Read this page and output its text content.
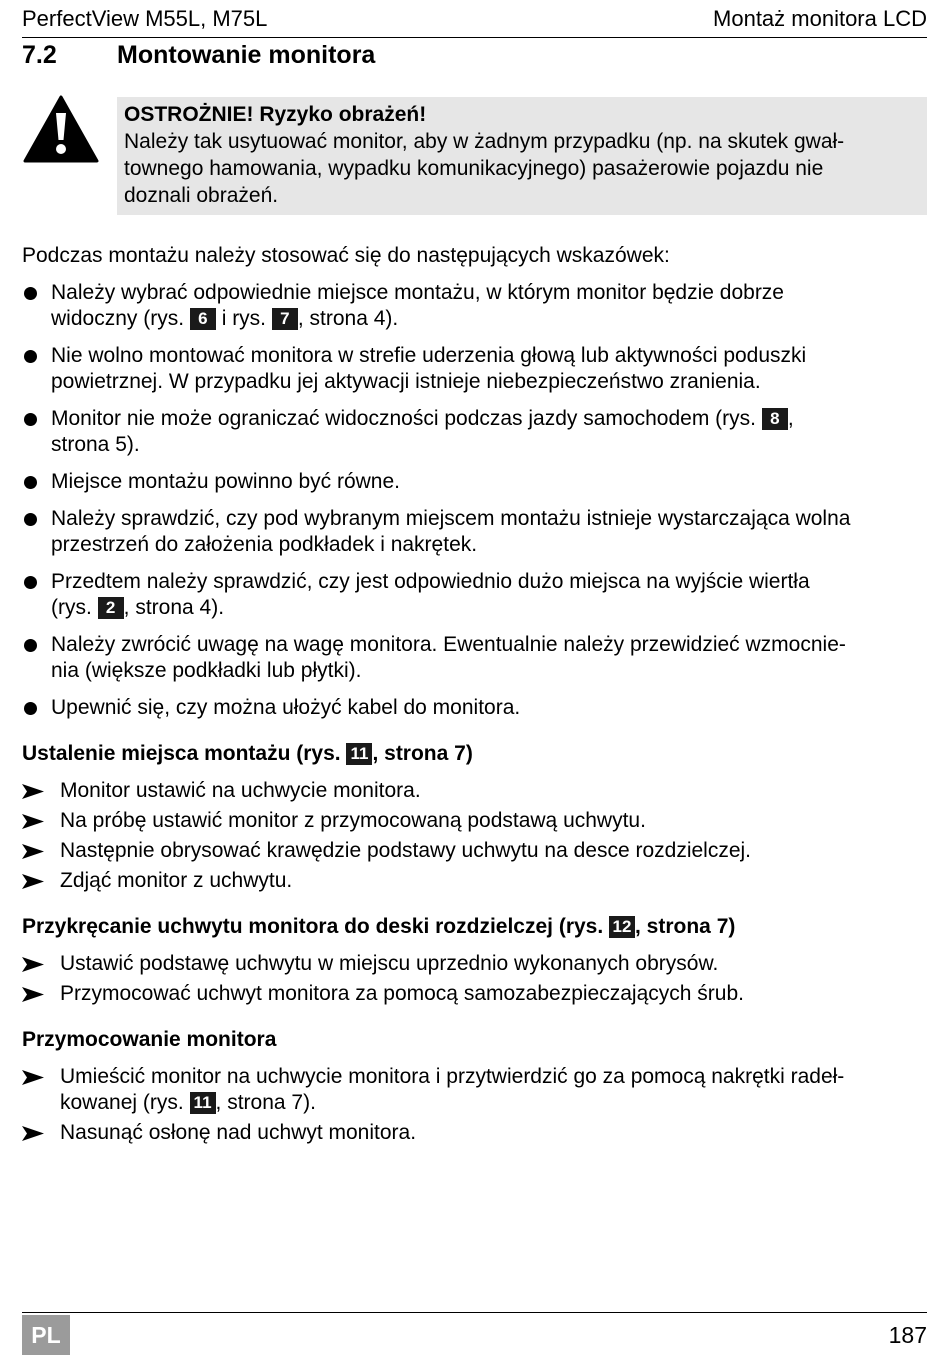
PerfectView M55L, M75L	Montaż monitora LCD
7.2 Montowanie monitora
OSTROŻNIE! Ryzyko obrażeń!
Należy tak usytuować monitor, aby w żadnym przypadku (np. na skutek gwał-
townego hamowania, wypadku komunikacyjnego) pasażerowie pojazdu nie
doznali obrażeń.
Podczas montażu należy stosować się do następujących wskazówek:
Należy wybrać odpowiednie miejsce montażu, w którym monitor będzie dobrze
widoczny (rys. 6 i rys. 7 , strona 4).
Nie wolno montować monitora w strefie uderzenia głową lub aktywności poduszki
powietrznej. W przypadku jej aktywacji istnieje niebezpieczeństwo zranienia.
Monitor nie może ograniczać widoczności podczas jazdy samochodem (rys. 8 ,
strona 5).
Miejsce montażu powinno być równe.
Należy sprawdzić, czy pod wybranym miejscem montażu istnieje wystarczająca wolna
przestrzeń do założenia podkładek i nakrętek.
Przedtem należy sprawdzić, czy jest odpowiednio dużo miejsca na wyjście wiertła
(rys. 2 , strona 4).
Należy zwrócić uwagę na wagę monitora. Ewentualnie należy przewidzieć wzmocnie-
nia (większe podkładki lub płytki).
Upewnić się, czy można ułożyć kabel do monitora.
Ustalenie miejsca montażu (rys. 11 , strona 7)
Monitor ustawić na uchwycie monitora.
Na próbę ustawić monitor z przymocowaną podstawą uchwytu.
Następnie obrysować krawędzie podstawy uchwytu na desce rozdzielczej.
Zdjąć monitor z uchwytu.
Przykręcanie uchwytu monitora do deski rozdzielczej (rys. 12 , strona 7)
Ustawić podstawę uchwytu w miejscu uprzednio wykonanych obrysów.
Przymocować uchwyt monitora za pomocą samozabezpieczających śrub.
Przymocowanie monitora
Umieścić monitor na uchwycie monitora i przytwierdzić go za pomocą nakrętki radeł-
kowanej (rys. 11 , strona 7).
Nasunąć osłonę nad uchwyt monitora.
PL	187
